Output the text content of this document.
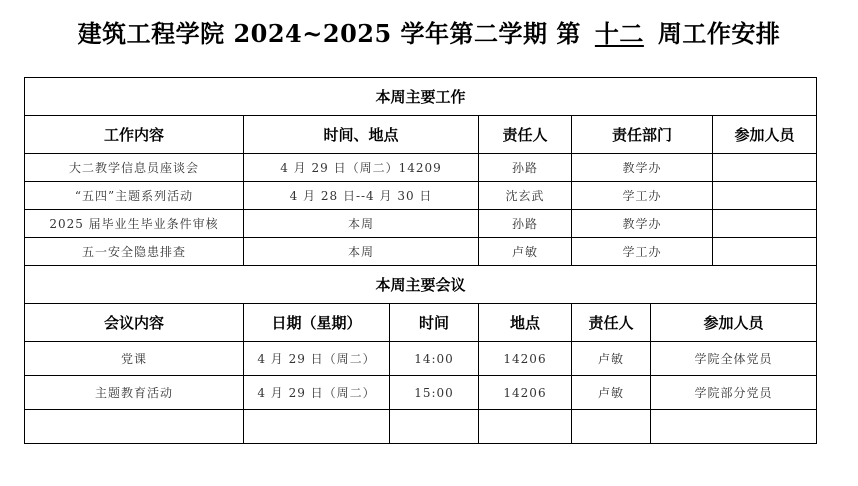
建筑工程学院 2024~2025 学年第二学期 第 十二 周工作安排
本周主要工作						
工作内容	时间、地点		责任人	责任部门		参加人员
大二教学信息员座谈会	4 月 29 日（周二）14209		孙路	教学办		
“五四”主题系列活动	4 月 28 日--4 月 30 日		沈玄武	学工办		
2025 届毕业生毕业条件审核	本周		孙路	教学办		
五一安全隐患排查	本周		卢敏	学工办		
本周主要会议						
会议内容	日期（星期）	时间	地点	责任人	参加人员	
党课	4 月 29 日（周二）	14:00	14206	卢敏	学院全体党员	
主题教育活动	4 月 29 日（周二）	15:00	14206	卢敏	学院部分党员	
